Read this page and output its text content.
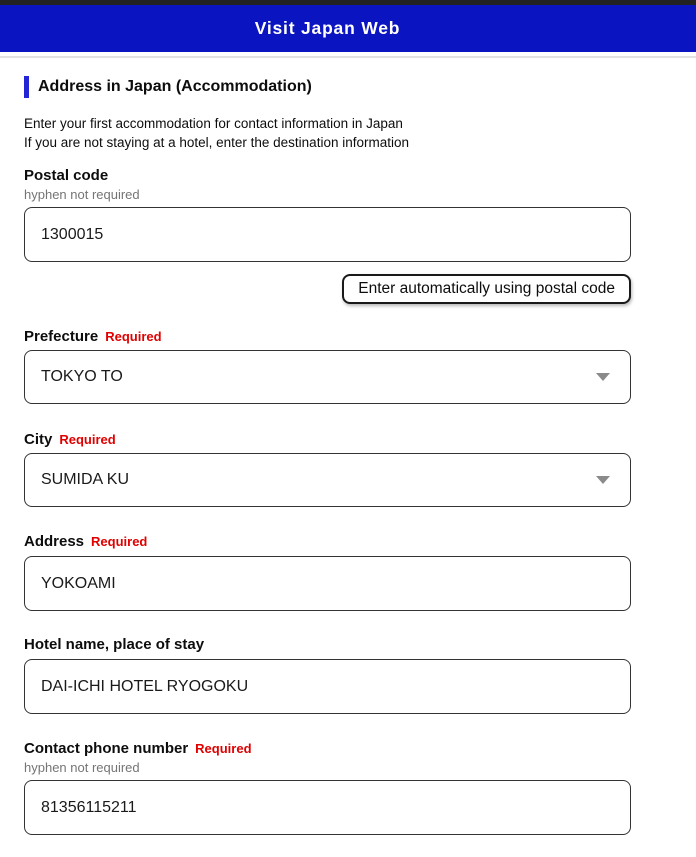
Visit Japan Web
Address in Japan (Accommodation)

Enter your first accommodation for contact information in Japan
If you are not staying at a hotel, enter the destination information

Postal code
hyphen not required
1300015
Enter automatically using postal code
Prefecture Required
TOKYO TO
City Required
SUMIDA KU
Address Required
YOKOAMI
Hotel name, place of stay
DAI-ICHI HOTEL RYOGOKU
Contact phone number Required
hyphen not required
81356115211
